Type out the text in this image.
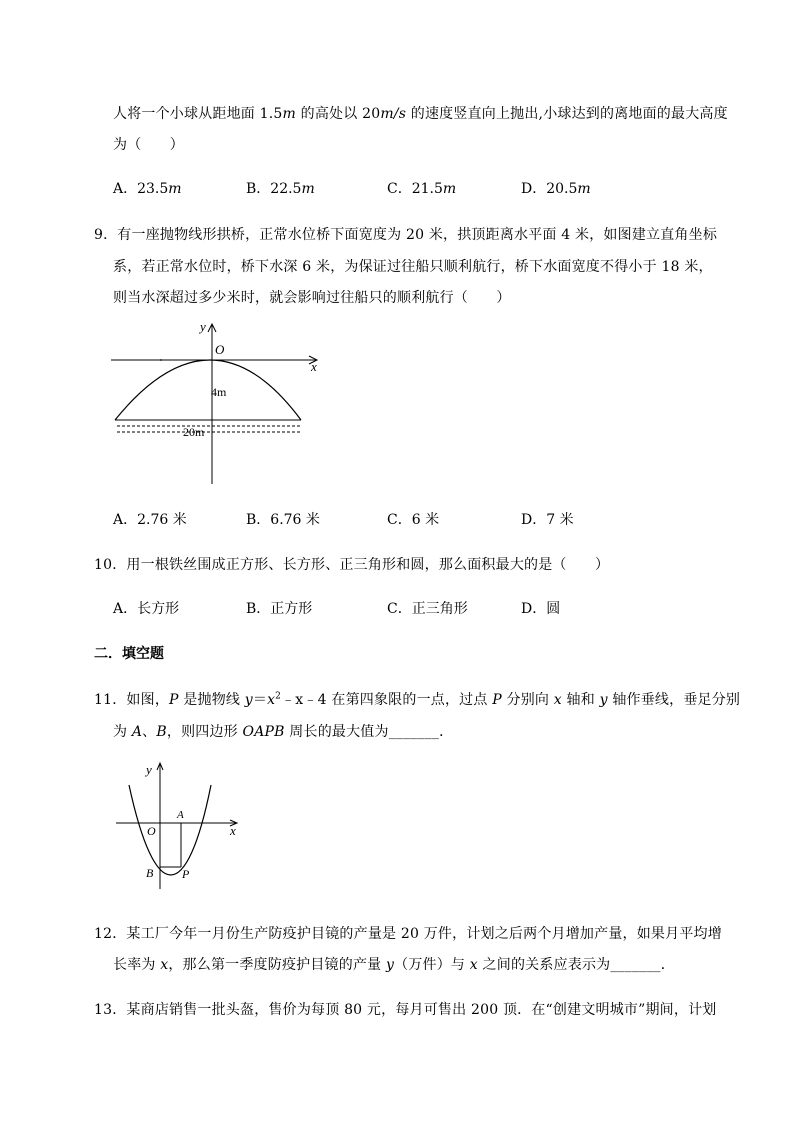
人将一个小球从距地面 1.5m 的高处以 20m/s 的速度竖直向上抛出,小球达到的离地面的最大高度
为（　　）
A．23.5m	B．22.5m	C．21.5m	D．20.5m
9．有一座抛物线形拱桥，正常水位桥下面宽度为 20 米，拱顶距离水平面 4 米，如图建立直角坐标
系，若正常水位时，桥下水深 6 米，为保证过往船只顺利航行，桥下水面宽度不得小于 18 米，
则当水深超过多少米时，就会影响过往船只的顺利航行（　　）
y
x
O
4m
20m
A．2.76 米	B．6.76 米	C．6 米	D．7 米
10．用一根铁丝围成正方形、长方形、正三角形和圆，那么面积最大的是（　　）
A．长方形	B．正方形	C．正三角形	D．圆
二．填空题
11．如图，P 是抛物线 $y=x^2﹣x﹣4$ 在第四象限的一点，过点 P 分别向 x 轴和 y 轴作垂线，垂足分别
为 A、B，则四边形 OAPB 周长的最大值为_______．
y
x
O
A
B P
12．某工厂今年一月份生产防疫护目镜的产量是 20 万件，计划之后两个月增加产量，如果月平均增
长率为 x，那么第一季度防疫护目镜的产量 y（万件）与 x 之间的关系应表示为_______．
13．某商店销售一批头盔，售价为每顶 80 元，每月可售出 200 顶．在“创建文明城市”期间，计划
